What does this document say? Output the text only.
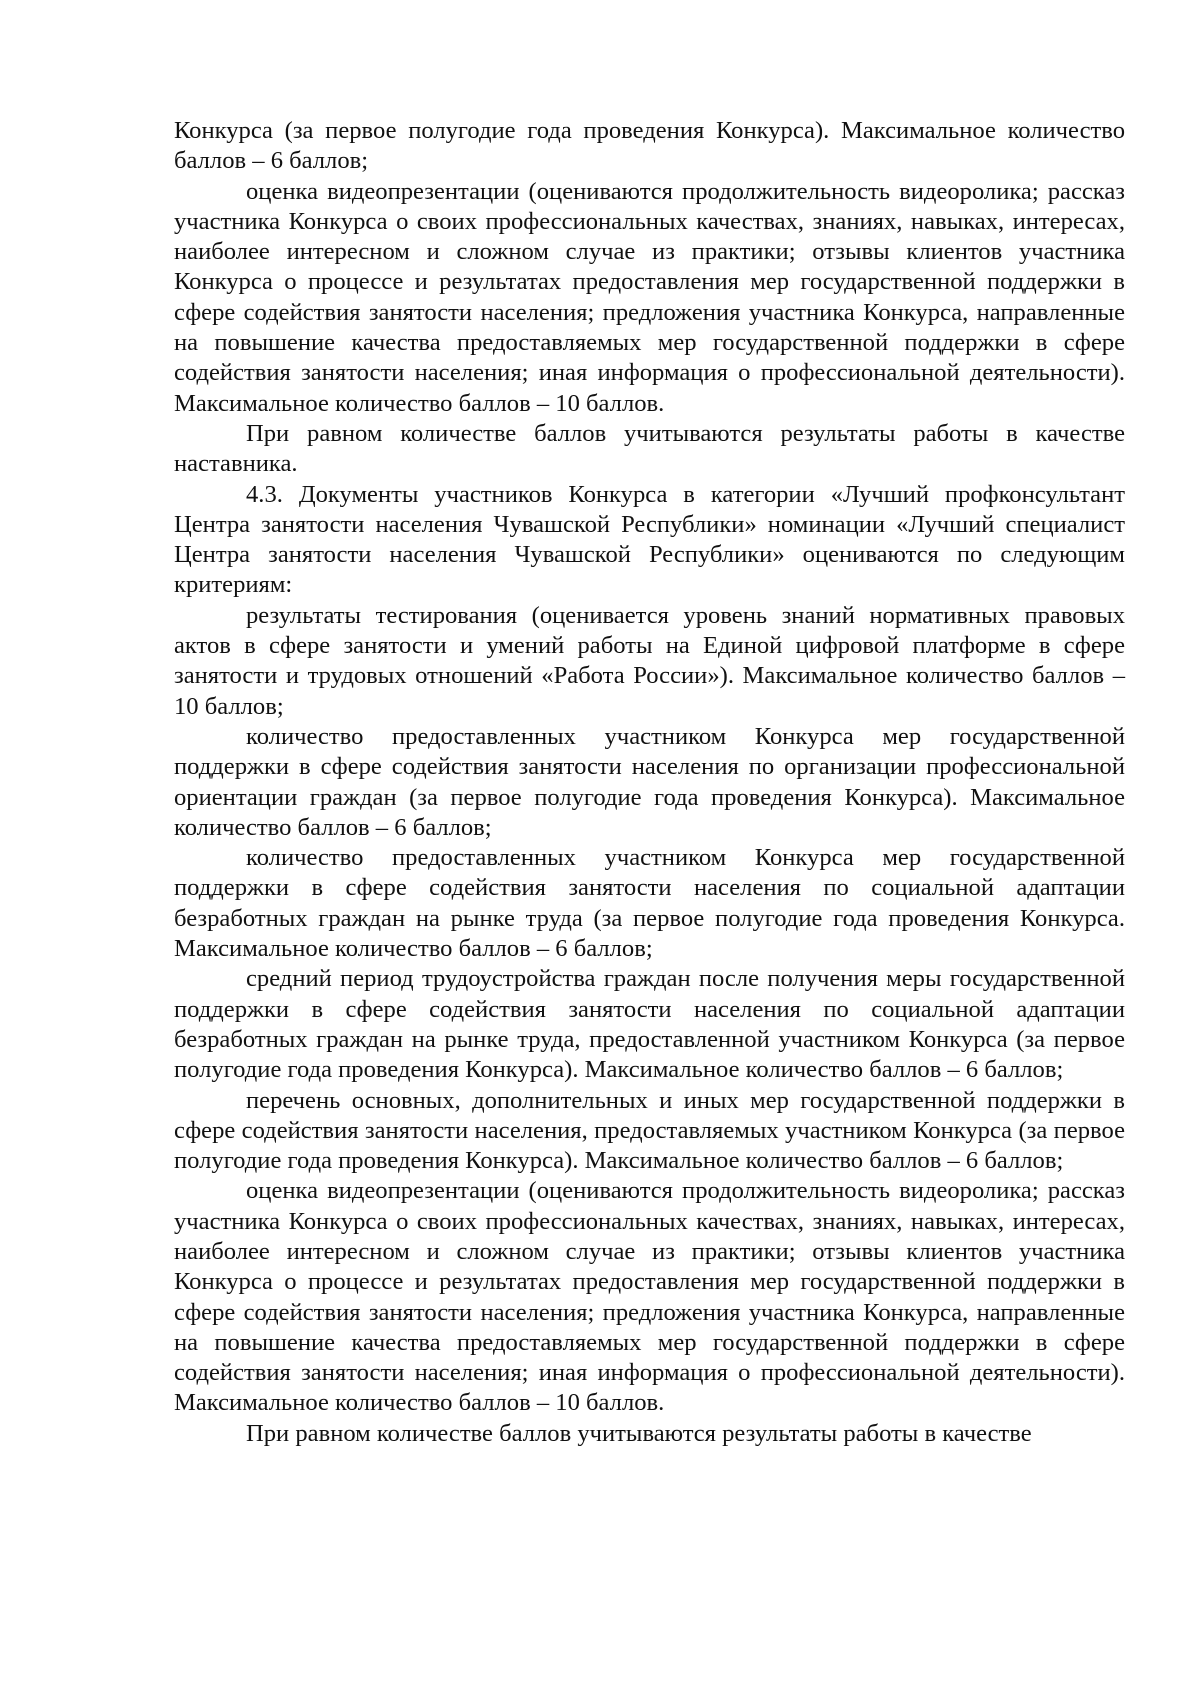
Конкурса (за первое полугодие года проведения Конкурса). Максимальное количество баллов – 6 баллов;

оценка видеопрезентации (оцениваются продолжительность видеоролика; рассказ участника Конкурса о своих профессиональных качествах, знаниях, навыках, интересах, наиболее интересном и сложном случае из практики; отзывы клиентов участника Конкурса о процессе и результатах предоставления мер государственной поддержки в сфере содействия занятости населения; предложения участника Конкурса, направленные на повышение качества предоставляемых мер государственной поддержки в сфере содействия занятости населения; иная информация о профессиональной деятельности). Максимальное количество баллов – 10 баллов.

При равном количестве баллов учитываются результаты работы в качестве наставника.

4.3. Документы участников Конкурса в категории «Лучший профконсультант Центра занятости населения Чувашской Республики» номинации «Лучший специалист Центра занятости населения Чувашской Республики» оцениваются по следующим критериям:

результаты тестирования (оценивается уровень знаний нормативных правовых актов в сфере занятости и умений работы на Единой цифровой платформе в сфере занятости и трудовых отношений «Работа России»). Максимальное количество баллов – 10 баллов;

количество предоставленных участником Конкурса мер государственной поддержки в сфере содействия занятости населения по организации профессиональной ориентации граждан (за первое полугодие года проведения Конкурса). Максимальное количество баллов – 6 баллов;

количество предоставленных участником Конкурса мер государственной поддержки в сфере содействия занятости населения по социальной адаптации безработных граждан на рынке труда (за первое полугодие года проведения Конкурса. Максимальное количество баллов – 6 баллов;

средний период трудоустройства граждан после получения меры государственной поддержки в сфере содействия занятости населения по социальной адаптации безработных граждан на рынке труда, предоставленной участником Конкурса (за первое полугодие года проведения Конкурса). Максимальное количество баллов – 6 баллов;

перечень основных, дополнительных и иных мер государственной поддержки в сфере содействия занятости населения, предоставляемых участником Конкурса (за первое полугодие года проведения Конкурса). Максимальное количество баллов – 6 баллов;

оценка видеопрезентации (оцениваются продолжительность видеоролика; рассказ участника Конкурса о своих профессиональных качествах, знаниях, навыках, интересах, наиболее интересном и сложном случае из практики; отзывы клиентов участника Конкурса о процессе и результатах предоставления мер государственной поддержки в сфере содействия занятости населения; предложения участника Конкурса, направленные на повышение качества предоставляемых мер государственной поддержки в сфере содействия занятости населения; иная информация о профессиональной деятельности). Максимальное количество баллов – 10 баллов.

При равном количестве баллов учитываются результаты работы в качестве
